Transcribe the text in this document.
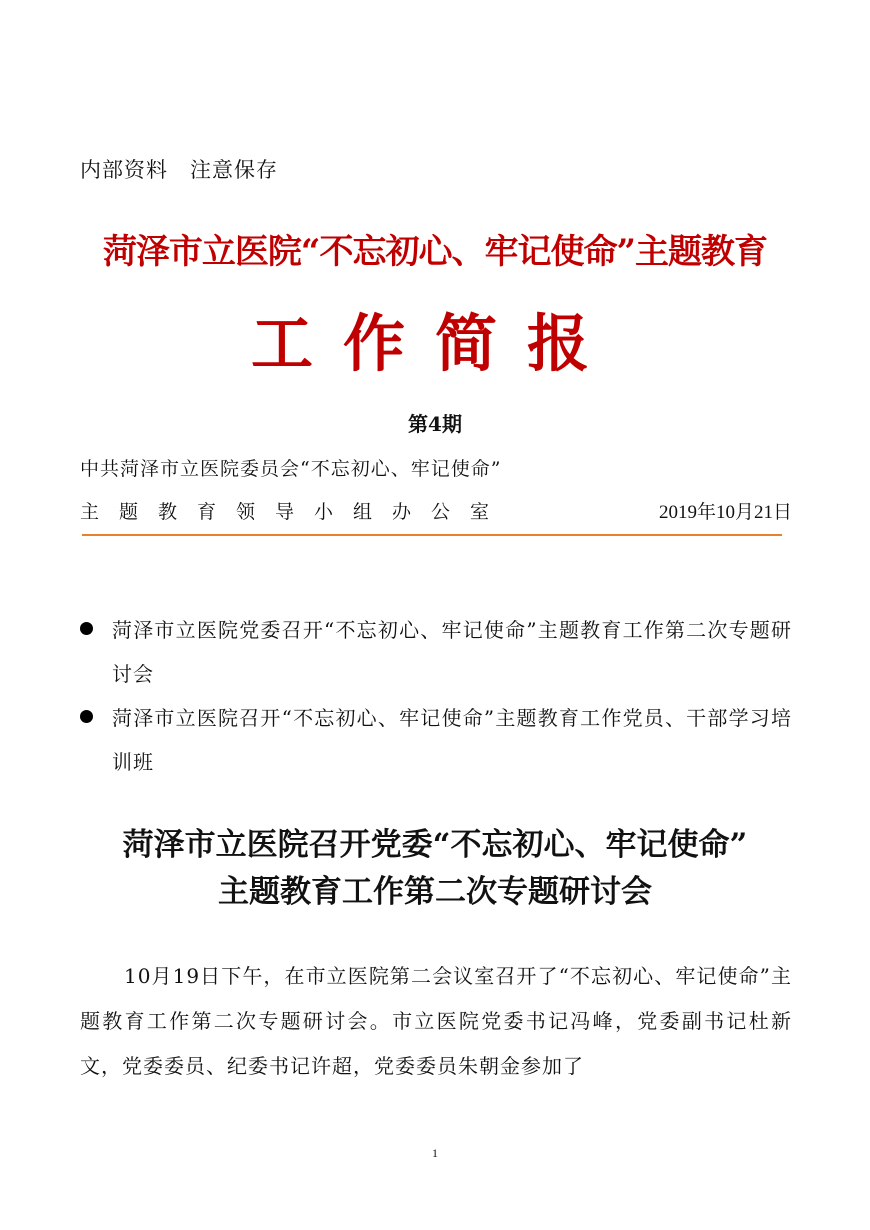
内部资料　注意保存
菏泽市立医院“不忘初心、牢记使命”主题教育
工作简报
第4期
中共菏泽市立医院委员会“不忘初心、牢记使命”
主题教育领导小组办公室	2019年10月21日
菏泽市立医院党委召开“不忘初心、牢记使命”主题教育工作第二次专题研讨会
菏泽市立医院召开“不忘初心、牢记使命”主题教育工作党员、干部学习培训班
菏泽市立医院召开党委“不忘初心、牢记使命”
主题教育工作第二次专题研讨会
10月19日下午，在市立医院第二会议室召开了“不忘初心、牢记使命”主题教育工作第二次专题研讨会。市立医院党委书记冯峰，党委副书记杜新文，党委委员、纪委书记许超，党委委员朱朝金参加了
1
